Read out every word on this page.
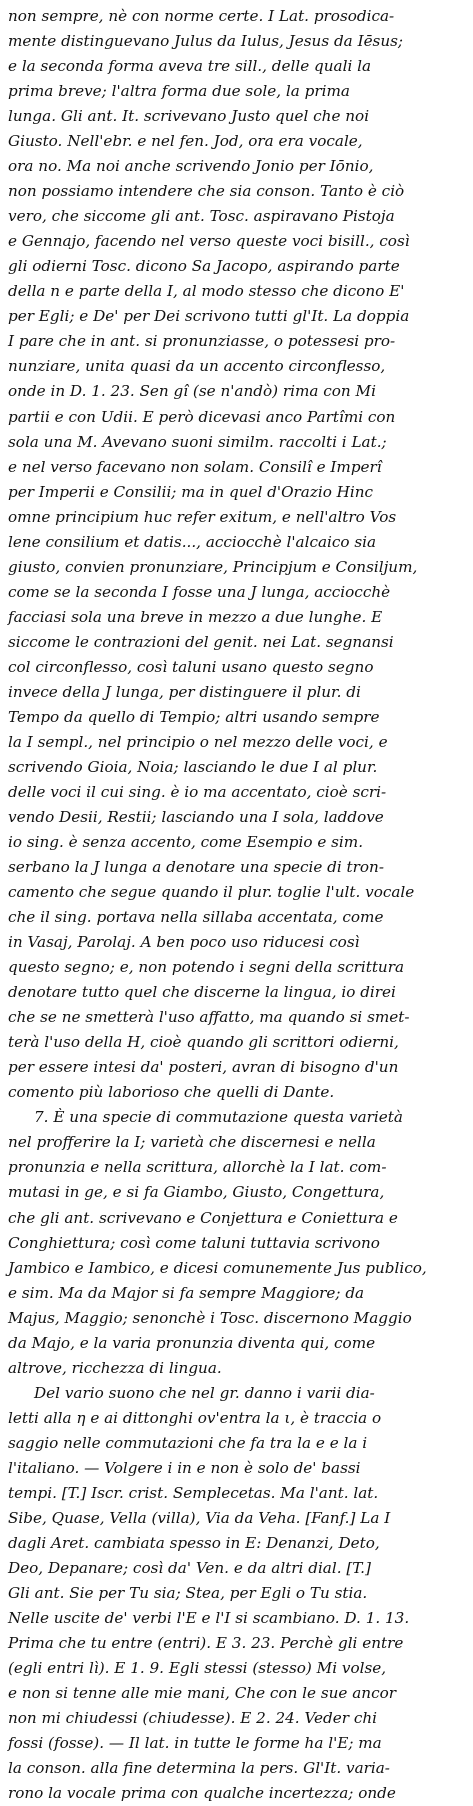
non sempre, nè con norme certe. I Lat. prosodica-
mente distinguevano Julus da Iulus, Jesus da Iēsus;
e la seconda forma aveva tre sill., delle quali la
prima breve; l'altra forma due sole, la prima
lunga. Gli ant. It. scrivevano Justo quel che noi
Giusto. Nell'ebr. e nel fen. Jod, ora era vocale,
ora no. Ma noi anche scrivendo Jonio per Iōnio,
non possiamo intendere che sia conson. Tanto è ciò
vero, che siccome gli ant. Tosc. aspiravano Pistoja
e Gennajo, facendo nel verso queste voci bisill., così
gli odierni Tosc. dicono Sa Jacopo, aspirando parte
della n e parte della I, al modo stesso che dicono E'
per Egli; e De' per Dei scrivono tutti gl'It. La doppia
I pare che in ant. si pronunziasse, o potessesi pro-
nunziare, unita quasi da un accento circonflesso,
onde in D. 1. 23. Sen gî (se n'andò) rima con Mi
partii e con Udii. E però dicevasi anco Partîmi con
sola una M. Avevano suoni similm. raccolti i Lat.;
e nel verso facevano non solam. Consilî e Imperî
per Imperii e Consilii; ma in quel d'Orazio Hinc
omne principium huc refer exitum, e nell'altro Vos
lene consilium et datis..., acciocchè l'alcaico sia
giusto, convien pronunziare, Principjum e Consiljum,
come se la seconda I fosse una J lunga, acciocchè
facciasi sola una breve in mezzo a due lunghe. E
siccome le contrazioni del genit. nei Lat. segnansi
col circonflesso, così taluni usano questo segno
invece della J lunga, per distinguere il plur. di
Tempo da quello di Tempio; altri usando sempre
la I sempl., nel principio o nel mezzo delle voci, e
scrivendo Gioia, Noia; lasciando le due I al plur.
delle voci il cui sing. è io ma accentato, cioè scri-
vendo Desii, Restii; lasciando una I sola, laddove
io sing. è senza accento, come Esempio e sim.
serbano la J lunga a denotare una specie di tron-
camento che segue quando il plur. toglie l'ult. vocale
che il sing. portava nella sillaba accentata, come
in Vasaj, Parolaj. A ben poco uso riducesi così
questo segno; e, non potendo i segni della scrittura
denotare tutto quel che discerne la lingua, io direi
che se ne smetterà l'uso affatto, ma quando si smet-
terà l'uso della H, cioè quando gli scrittori odierni,
per essere intesi da' posteri, avran di bisogno d'un
comento più laborioso che quelli di Dante.
7. È una specie di commutazione questa varietà
nel profferire la I; varietà che discernesi e nella
pronunzia e nella scrittura, allorchè la I lat. com-
mutasi in ge, e si fa Giambo, Giusto, Congettura,
che gli ant. scrivevano e Conjettura e Coniettura e
Conghiettura; così come taluni tuttavia scrivono
Jambico e Iambico, e dicesi comunemente Jus publico,
e sim. Ma da Major si fa sempre Maggiore; da
Majus, Maggio; senonchè i Tosc. discernono Maggio
da Majo, e la varia pronunzia diventa qui, come
altrove, ricchezza di lingua.
Del vario suono che nel gr. danno i varii dia-
letti alla η e ai dittonghi ov'entra la ι, è traccia o
saggio nelle commutazioni che fa tra la e e la i
l'italiano. — Volgere i in e non è solo de' bassi
tempi. [T.] Iscr. crist. Semplecetas. Ma l'ant. lat.
Sibe, Quase, Vella (villa), Via da Veha. [Fanf.] La I
dagli Aret. cambiata spesso in E: Denanzi, Deto,
Deo, Depanare; così da' Ven. e da altri dial. [T.]
Gli ant. Sie per Tu sia; Stea, per Egli o Tu stia.
Nelle uscite de' verbi l'E e l'I si scambiano. D. 1. 13.
Prima che tu entre (entri). E 3. 23. Perchè gli entre
(egli entri lì). E 1. 9. Egli stessi (stesso) Mi volse,
e non si tenne alle mie mani, Che con le sue ancor
non mi chiudessi (chiudesse). E 2. 24. Veder chi
fossi (fosse). — Il lat. in tutte le forme ha l'E; ma
la conson. alla fine determina la pers. Gl'It. varia-
rono la vocale prima con qualche incertezza; onde
